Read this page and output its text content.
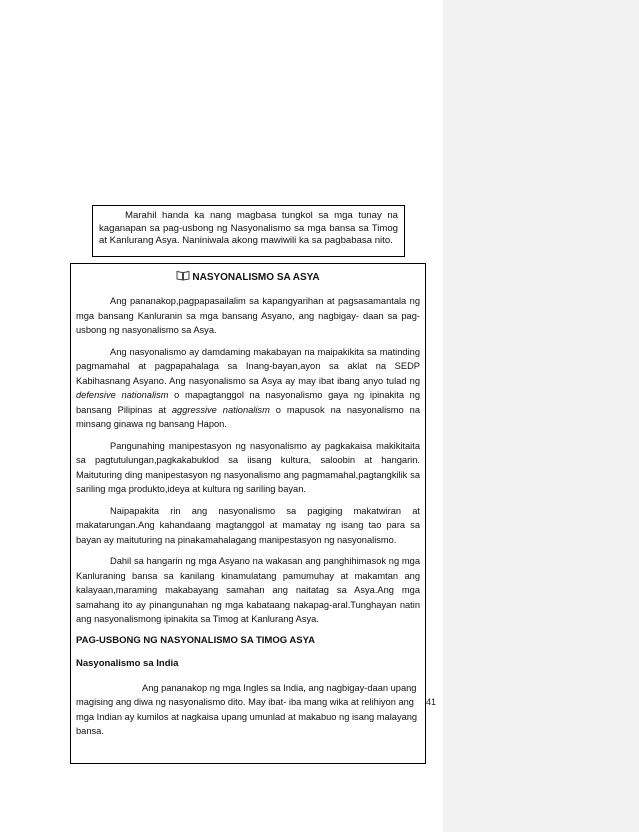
Marahil handa ka nang magbasa tungkol sa mga tunay na kaganapan sa pag-usbong ng Nasyonalismo sa mga bansa sa Timog at Kanlurang Asya. Naniniwala akong mawiwili ka sa pagbabasa nito.

NASYONALISMO SA ASYA

Ang pananakop,pagpapasailalim sa kapangyarihan at pagsasamantala ng mga bansang Kanluranin sa mga bansang Asyano, ang nagbigay- daan sa pag-usbong ng nasyonalismo sa Asya.

Ang nasyonalismo ay damdaming makabayan na maipakikita sa matinding pagmamahal at pagpapahalaga sa Inang-bayan,ayon sa aklat na SEDP Kabihasnang Asyano. Ang nasyonalismo sa Asya ay may ibat ibang anyo tulad ng defensive nationalism o mapagtanggol na nasyonalismo gaya ng ipinakita ng bansang Pilipinas at aggressive nationalism o mapusok na nasyonalismo na minsang ginawa ng bansang Hapon.

Pangunahing manipestasyon ng nasyonalismo ay pagkakaisa makikitaita sa pagtutulungan,pagkakabuklod sa iisang kultura, saloobin at hangarin. Maituturing ding manipestasyon ng nasyonalismo ang pagmamahal,pagtangkilik sa sariling mga produkto,ideya at kultura ng sariling bayan.

Naipapakita rin ang nasyonalismo sa pagiging makatwiran at makatarungan.Ang kahandaang magtanggol at mamatay ng isang tao para sa bayan ay maituturing na pinakamahalagang manipestasyon ng nasyonalismo.

Dahil sa hangarin ng mga Asyano na wakasan ang panghihimasok ng mga Kanluraning bansa sa kanilang kinamulatang pamumuhay at makamtan ang kalayaan,maraming makabayang samahan ang naitatag sa Asya.Ang mga samahang ito ay pinangunahan ng mga kabataang nakapag-aral.Tunghayan natin ang nasyonalismong ipinakita sa Timog at Kanlurang Asya.

PAG-USBONG NG NASYONALISMO SA TIMOG ASYA
Nasyonalismo sa India

Ang pananakop ng mga Ingles sa India, ang nagbigay-daan upang magising ang diwa ng nasyonalismo dito. May ibat- iba mang wika at relihiyon ang mga Indian ay kumilos at nagkaisa upang umunlad at makabuo ng isang malayang bansa.

41
